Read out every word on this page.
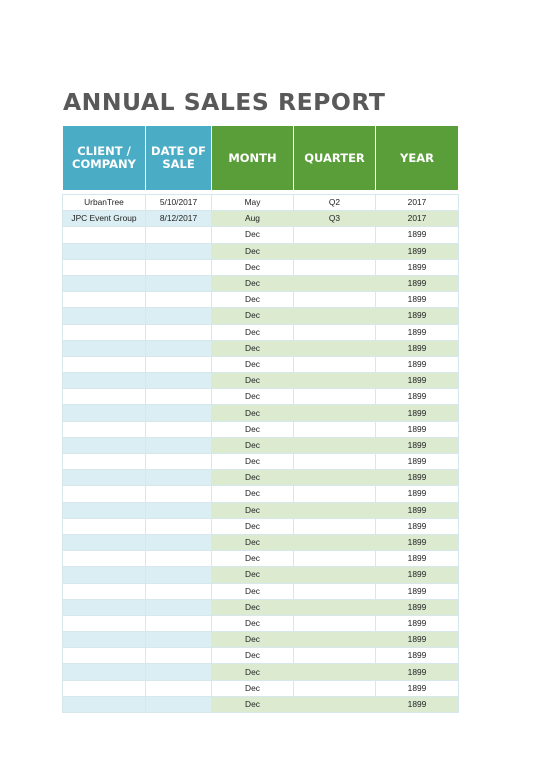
ANNUAL SALES REPORT
CLIENT / COMPANY	DATE OF SALE	MONTH	QUARTER	YEAR

UrbanTree	5/10/2017	May	Q2	2017
JPC Event Group	8/12/2017	Aug	Q3	2017
		Dec		1899
		Dec		1899
		Dec		1899
		Dec		1899
		Dec		1899
		Dec		1899
		Dec		1899
		Dec		1899
		Dec		1899
		Dec		1899
		Dec		1899
		Dec		1899
		Dec		1899
		Dec		1899
		Dec		1899
		Dec		1899
		Dec		1899
		Dec		1899
		Dec		1899
		Dec		1899
		Dec		1899
		Dec		1899
		Dec		1899
		Dec		1899
		Dec		1899
		Dec		1899
		Dec		1899
		Dec		1899
		Dec		1899
		Dec		1899
